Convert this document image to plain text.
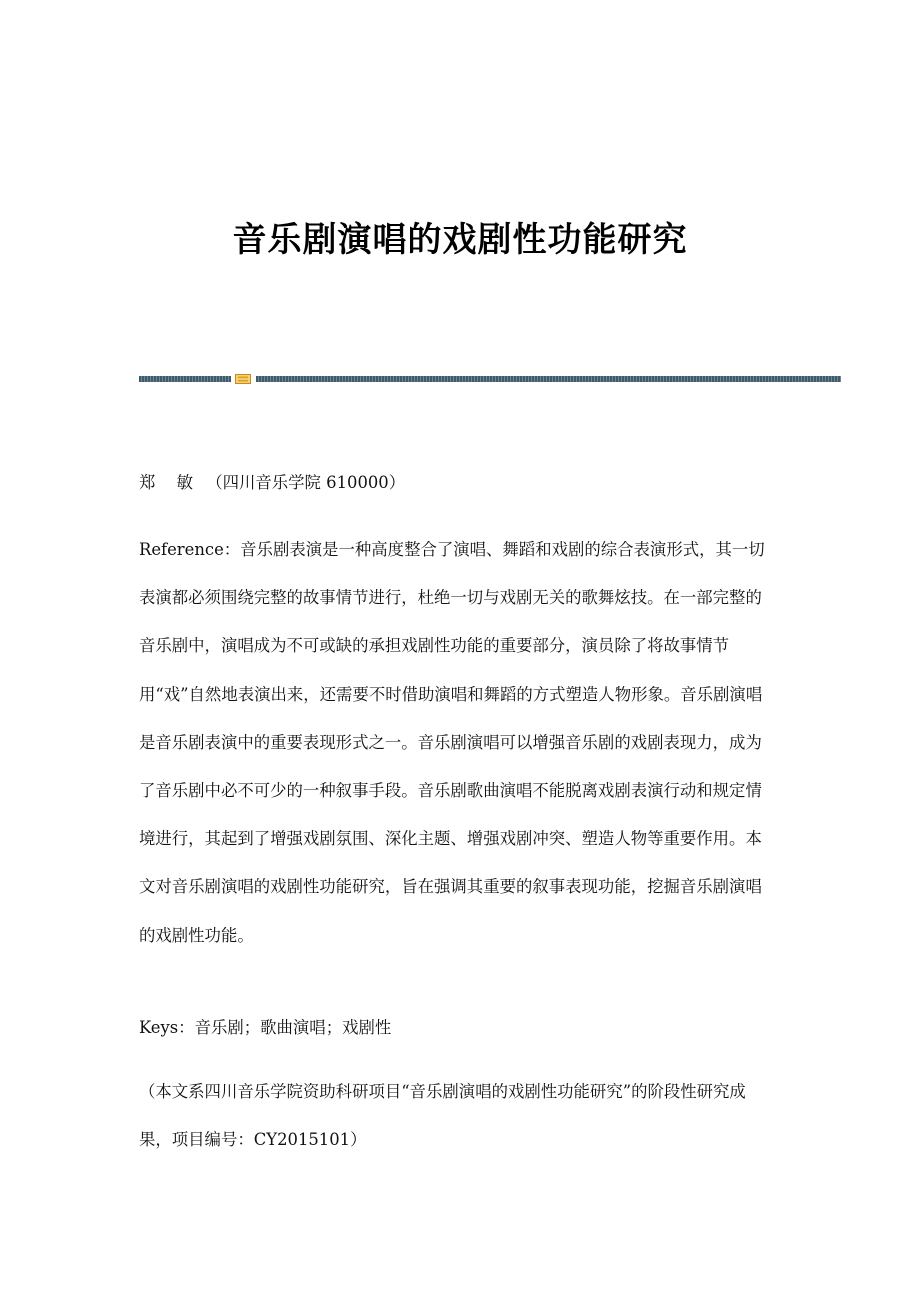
音乐剧演唱的戏剧性功能研究
郑 敏 （四川音乐学院 610000）
Reference：音乐剧表演是一种高度整合了演唱、舞蹈和戏剧的综合表演形式，其一切表演都必须围绕完整的故事情节进行，杜绝一切与戏剧无关的歌舞炫技。在一部完整的音乐剧中，演唱成为不可或缺的承担戏剧性功能的重要部分，演员除了将故事情节用“戏”自然地表演出来，还需要不时借助演唱和舞蹈的方式塑造人物形象。音乐剧演唱是音乐剧表演中的重要表现形式之一。音乐剧演唱可以增强音乐剧的戏剧表现力，成为了音乐剧中必不可少的一种叙事手段。音乐剧歌曲演唱不能脱离戏剧表演行动和规定情境进行，其起到了增强戏剧氛围、深化主题、增强戏剧冲突、塑造人物等重要作用。本文对音乐剧演唱的戏剧性功能研究，旨在强调其重要的叙事表现功能，挖掘音乐剧演唱的戏剧性功能。
Keys：音乐剧；歌曲演唱；戏剧性
（本文系四川音乐学院资助科研项目“音乐剧演唱的戏剧性功能研究”的阶段性研究成果，项目编号：CY2015101）
